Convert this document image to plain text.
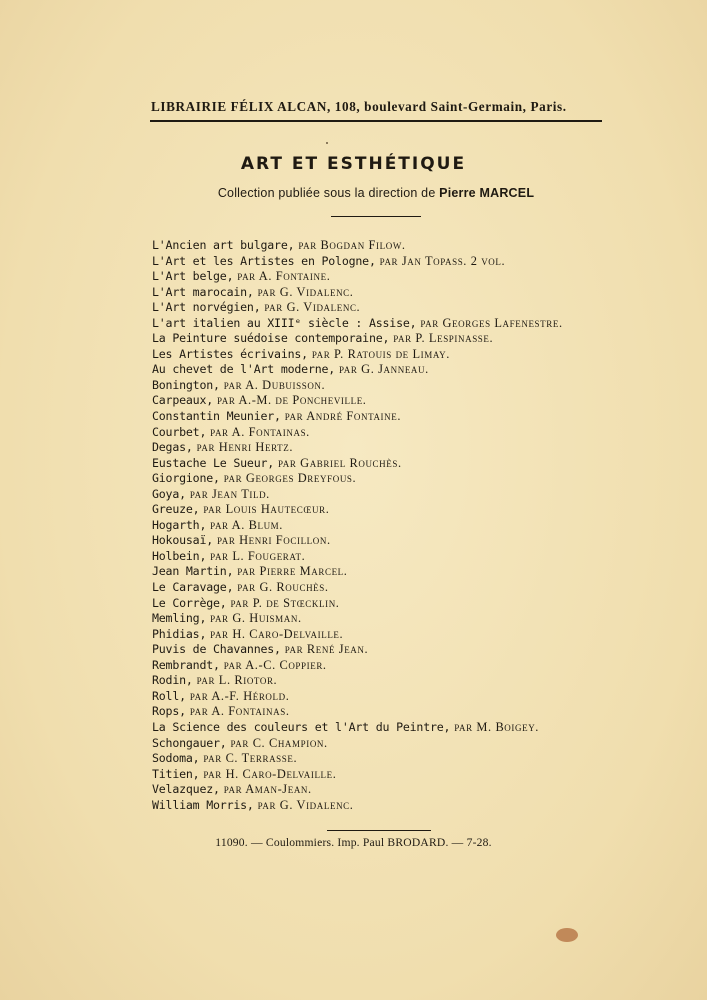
LIBRAIRIE FÉLIX ALCAN, 108, boulevard Saint-Germain, Paris.
ART ET ESTHÉTIQUE
Collection publiée sous la direction de Pierre MARCEL
L'Ancien art bulgare, par Bogdan Filow.
L'Art et les Artistes en Pologne, par Jan Topass. 2 vol.
L'Art belge, par A. Fontaine.
L'Art marocain, par G. Vidalenc.
L'Art norvégien, par G. Vidalenc.
L'art italien au XIIIᵉ siècle : Assise, par Georges Lafenestre.
La Peinture suédoise contemporaine, par P. Lespinasse.
Les Artistes écrivains, par P. Ratouis de Limay.
Au chevet de l'Art moderne, par G. Janneau.
Bonington, par A. Dubuisson.
Carpeaux, par A.-M. de Poncheville.
Constantin Meunier, par André Fontaine.
Courbet, par A. Fontainas.
Degas, par Henri Hertz.
Eustache Le Sueur, par Gabriel Rouchès.
Giorgione, par Georges Dreyfous.
Goya, par Jean Tild.
Greuze, par Louis Hautecœur.
Hogarth, par A. Blum.
Hokousaï, par Henri Focillon.
Holbein, par L. Fougerat.
Jean Martin, par Pierre Marcel.
Le Caravage, par G. Rouchès.
Le Corrège, par P. de Stœcklin.
Memling, par G. Huisman.
Phidias, par H. Caro-Delvaille.
Puvis de Chavannes, par René Jean.
Rembrandt, par A.-C. Coppier.
Rodin, par L. Riotor.
Roll, par A.-F. Hérold.
Rops, par A. Fontainas.
La Science des couleurs et l'Art du Peintre, par M. Boigey.
Schongauer, par C. Champion.
Sodoma, par C. Terrasse.
Titien, par H. Caro-Delvaille.
Velazquez, par Aman-Jean.
William Morris, par G. Vidalenc.
11090. — Coulommiers. Imp. Paul BRODARD. — 7-28.
